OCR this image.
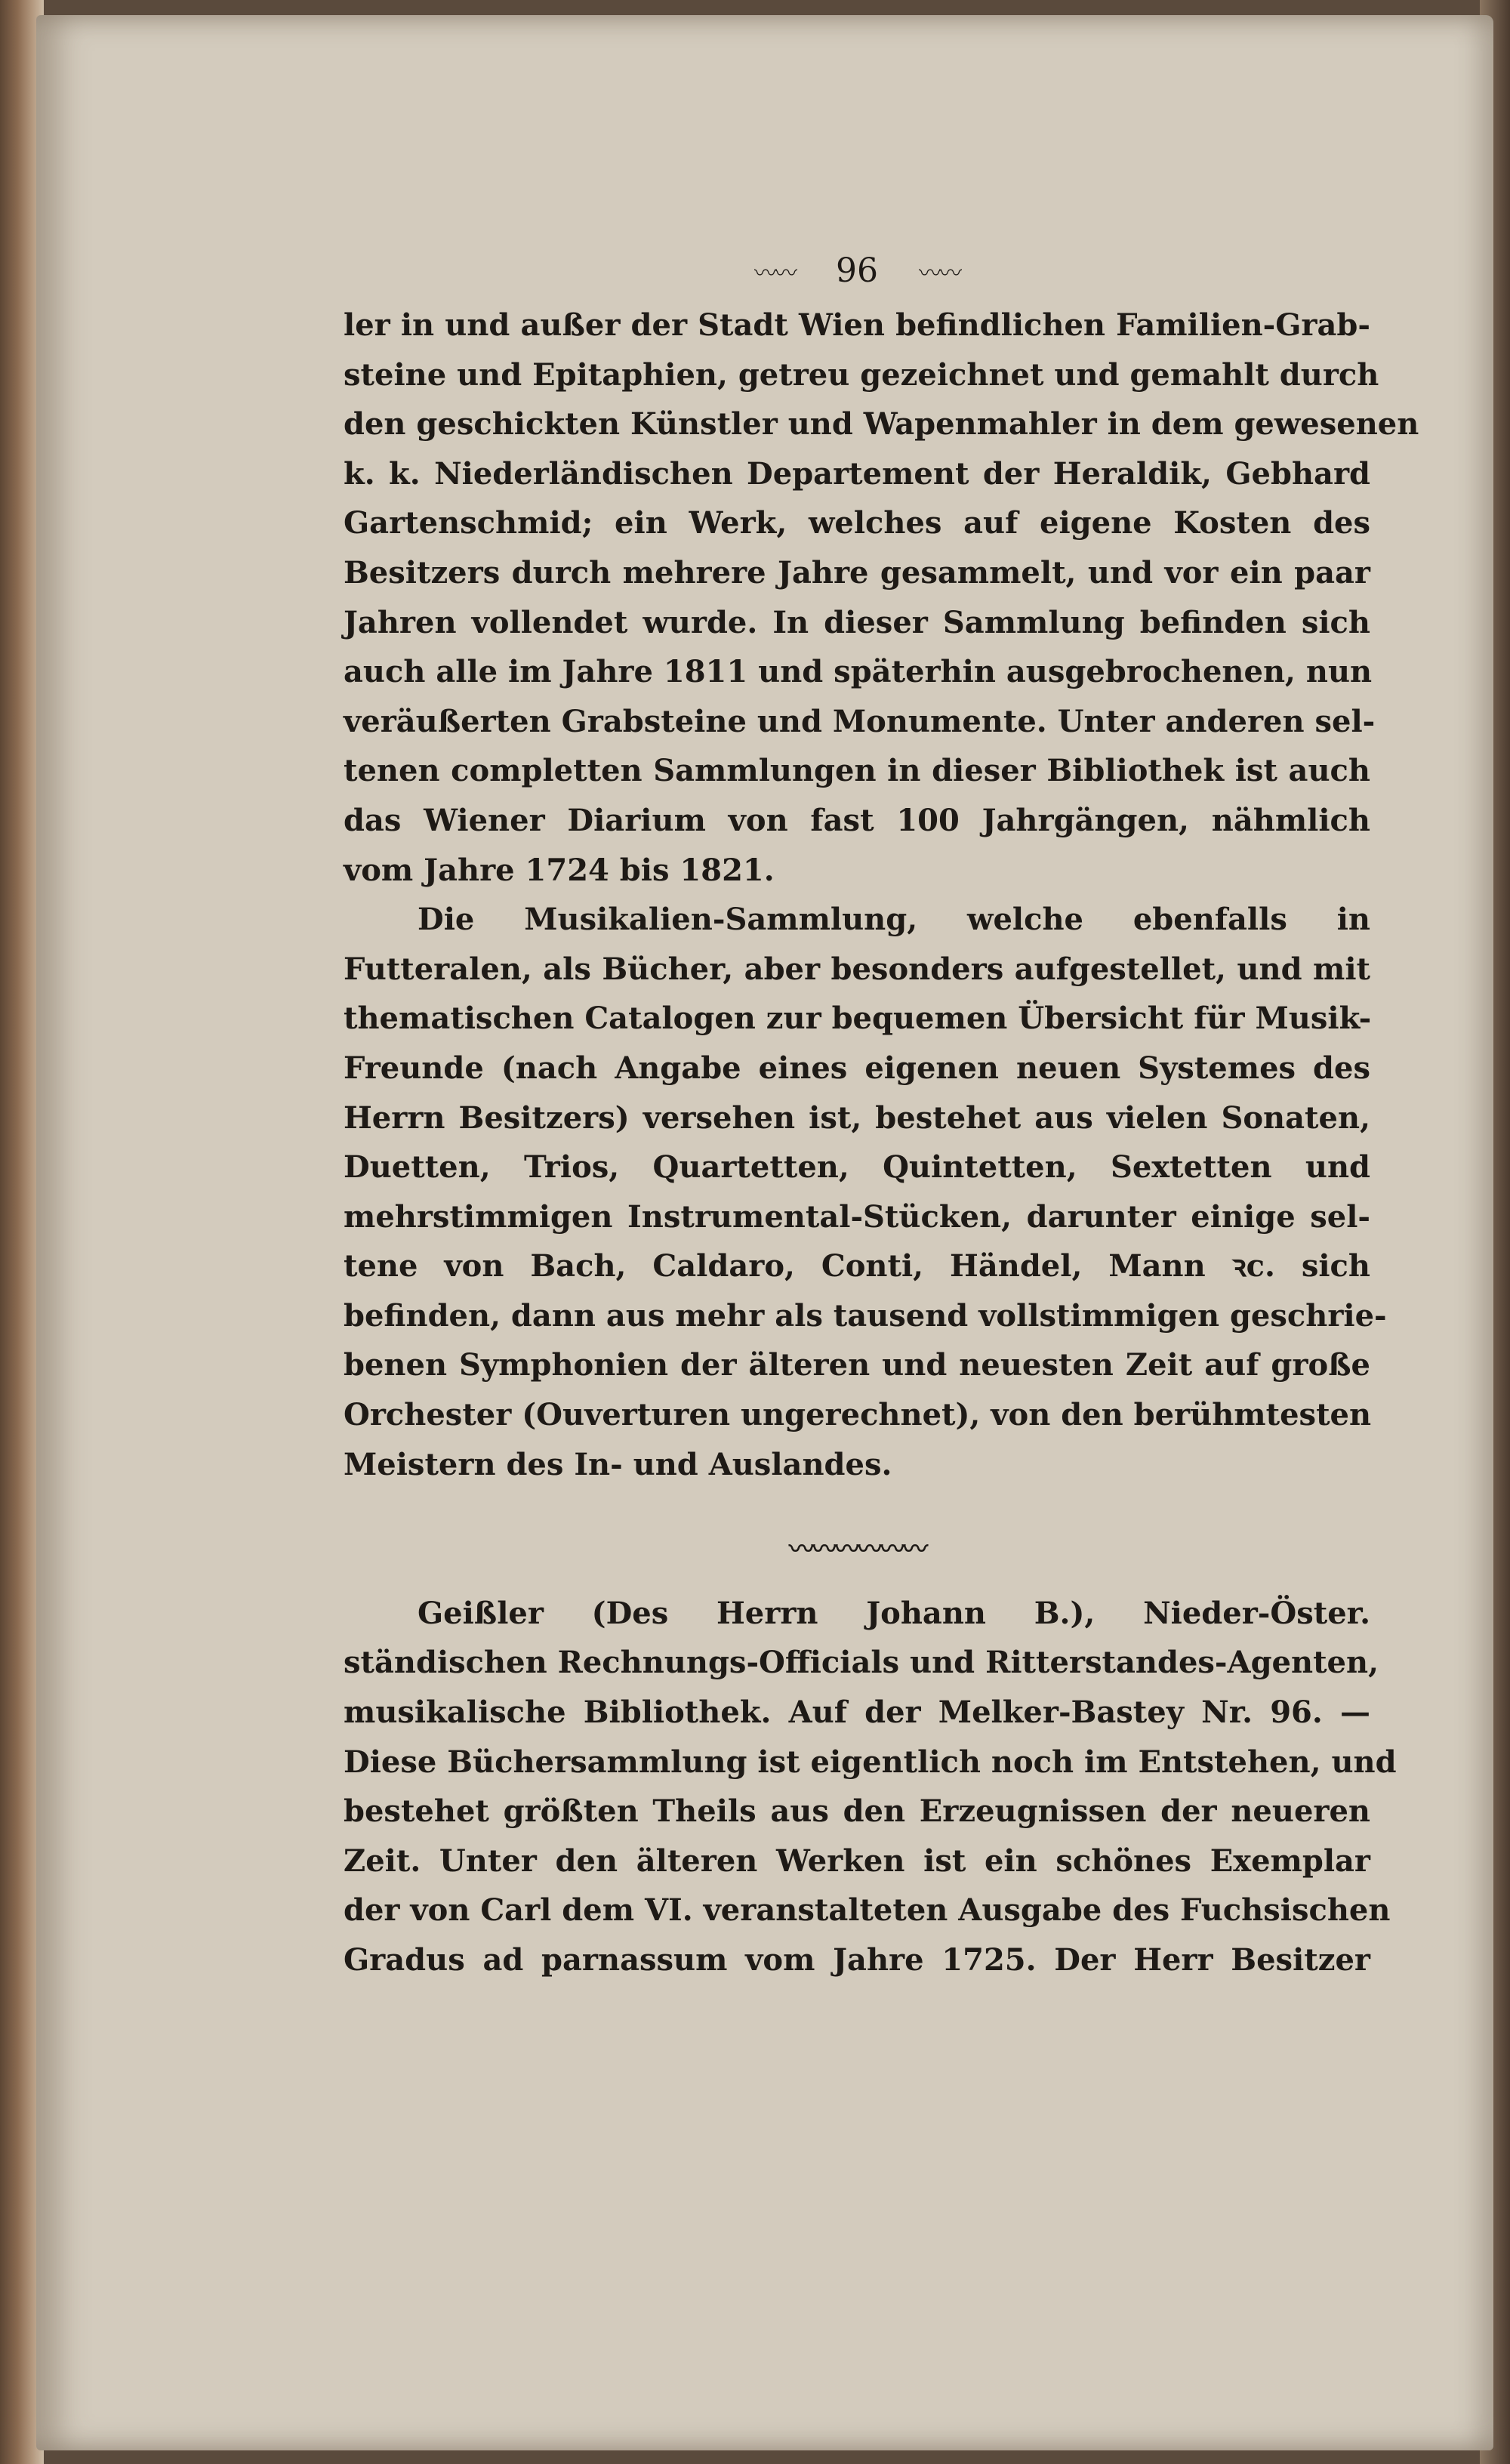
〰〰 96 〰〰
ler in und außer der Stadt Wien befindlichen Familien-Grab-
steine und Epitaphien, getreu gezeichnet und gemahlt durch
den geschickten Künstler und Wapenmahler in dem gewesenen
k. k. Niederländischen Departement der Heraldik, Gebhard
Gartenschmid; ein Werk, welches auf eigene Kosten des
Besitzers durch mehrere Jahre gesammelt, und vor ein paar
Jahren vollendet wurde. In dieser Sammlung befinden sich
auch alle im Jahre 1811 und späterhin ausgebrochenen, nun
veräußerten Grabsteine und Monumente. Unter anderen sel-
tenen completten Sammlungen in dieser Bibliothek ist auch
das Wiener Diarium von fast 100 Jahrgängen, nähmlich
vom Jahre 1724 bis 1821.
Die Musikalien-Sammlung, welche ebenfalls in
Futteralen, als Bücher, aber besonders aufgestellet, und mit
thematischen Catalogen zur bequemen Übersicht für Musik-
Freunde (nach Angabe eines eigenen neuen Systemes des
Herrn Besitzers) versehen ist, bestehet aus vielen Sonaten,
Duetten, Trios, Quartetten, Quintetten, Sextetten und
mehrstimmigen Instrumental-Stücken, darunter einige sel-
tene von Bach, Caldaro, Conti, Händel, Mann ꝛc. sich
befinden, dann aus mehr als tausend vollstimmigen geschrie-
benen Symphonien der älteren und neuesten Zeit auf große
Orchester (Ouverturen ungerechnet), von den berühmtesten
Meistern des In- und Auslandes.
〰〰〰〰〰〰
Geißler (Des Herrn Johann B.), Nieder-Öster.
ständischen Rechnungs-Officials und Ritterstandes-Agenten,
musikalische Bibliothek. Auf der Melker-Bastey Nr. 96. —
Diese Büchersammlung ist eigentlich noch im Entstehen, und
bestehet größten Theils aus den Erzeugnissen der neueren
Zeit. Unter den älteren Werken ist ein schönes Exemplar
der von Carl dem VI. veranstalteten Ausgabe des Fuchsischen
Gradus ad parnassum vom Jahre 1725. Der Herr Besitzer
